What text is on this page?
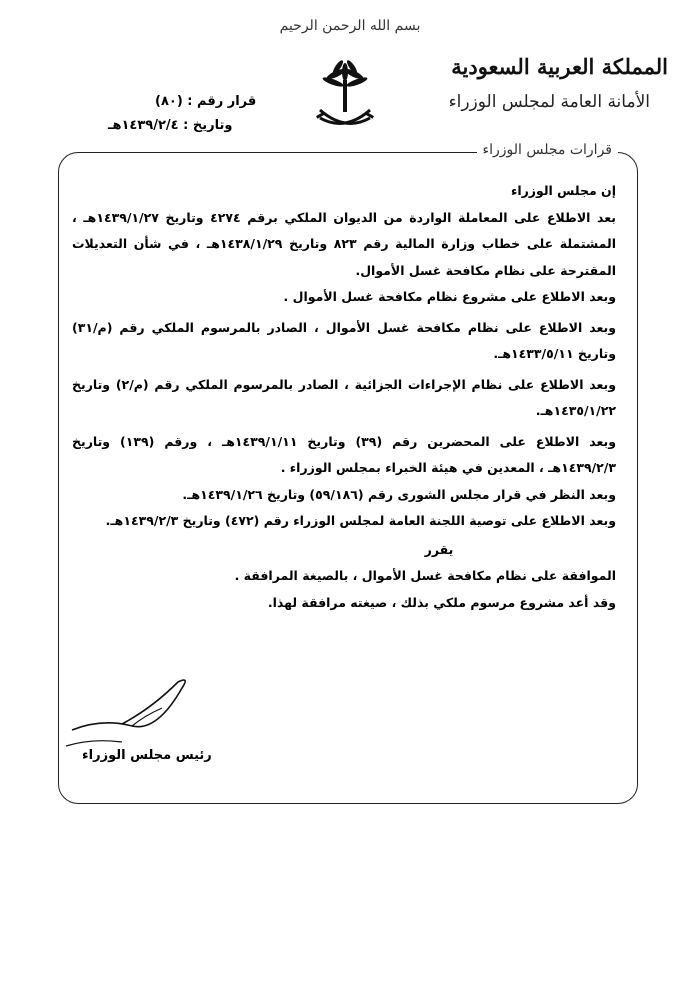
بسم الله الرحمن الرحيم
المملكة العربية السعودية
الأمانة العامة لمجلس الوزراء
قرار رقم : (٨٠)
وتاريخ : ١٤٣٩/٢/٤هـ
قرارات مجلس الوزراء

إن مجلس الوزراء

بعد الاطلاع على المعاملة الواردة من الديوان الملكي برقم ٤٢٧٤ وتاريخ ١٤٣٩/١/٢٧هـ ، المشتملة على خطاب وزارة المالية رقم ٨٢٣ وتاريخ ١٤٣٨/١/٢٩هـ ، في شأن التعديلات المقترحة على نظام مكافحة غسل الأموال.

وبعد الاطلاع على مشروع نظام مكافحة غسل الأموال .

وبعد الاطلاع على نظام مكافحة غسل الأموال ، الصادر بالمرسوم الملكي رقم (م/٣١) وتاريخ ١٤٣٣/٥/١١هـ.

وبعد الاطلاع على نظام الإجراءات الجزائية ، الصادر بالمرسوم الملكي رقم (م/٢) وتاريخ ١٤٣٥/١/٢٢هـ.

وبعد الاطلاع على المحضرين رقم (٣٩) وتاريخ ١٤٣٩/١/١١هـ ، ورقم (١٣٩) وتاريخ ١٤٣٩/٢/٣هـ ، المعدين في هيئة الخبراء بمجلس الوزراء .

وبعد النظر في قرار مجلس الشورى رقم (٥٩/١٨٦) وتاريخ ١٤٣٩/١/٢٦هـ.

وبعد الاطلاع على توصية اللجنة العامة لمجلس الوزراء رقم (٤٧٢) وتاريخ ١٤٣٩/٢/٣هـ.

يقرر

الموافقة على نظام مكافحة غسل الأموال ، بالصيغة المرافقة .

وقد أعد مشروع مرسوم ملكي بذلك ، صيغته مرافقة لهذا.

رئيس مجلس الوزراء
